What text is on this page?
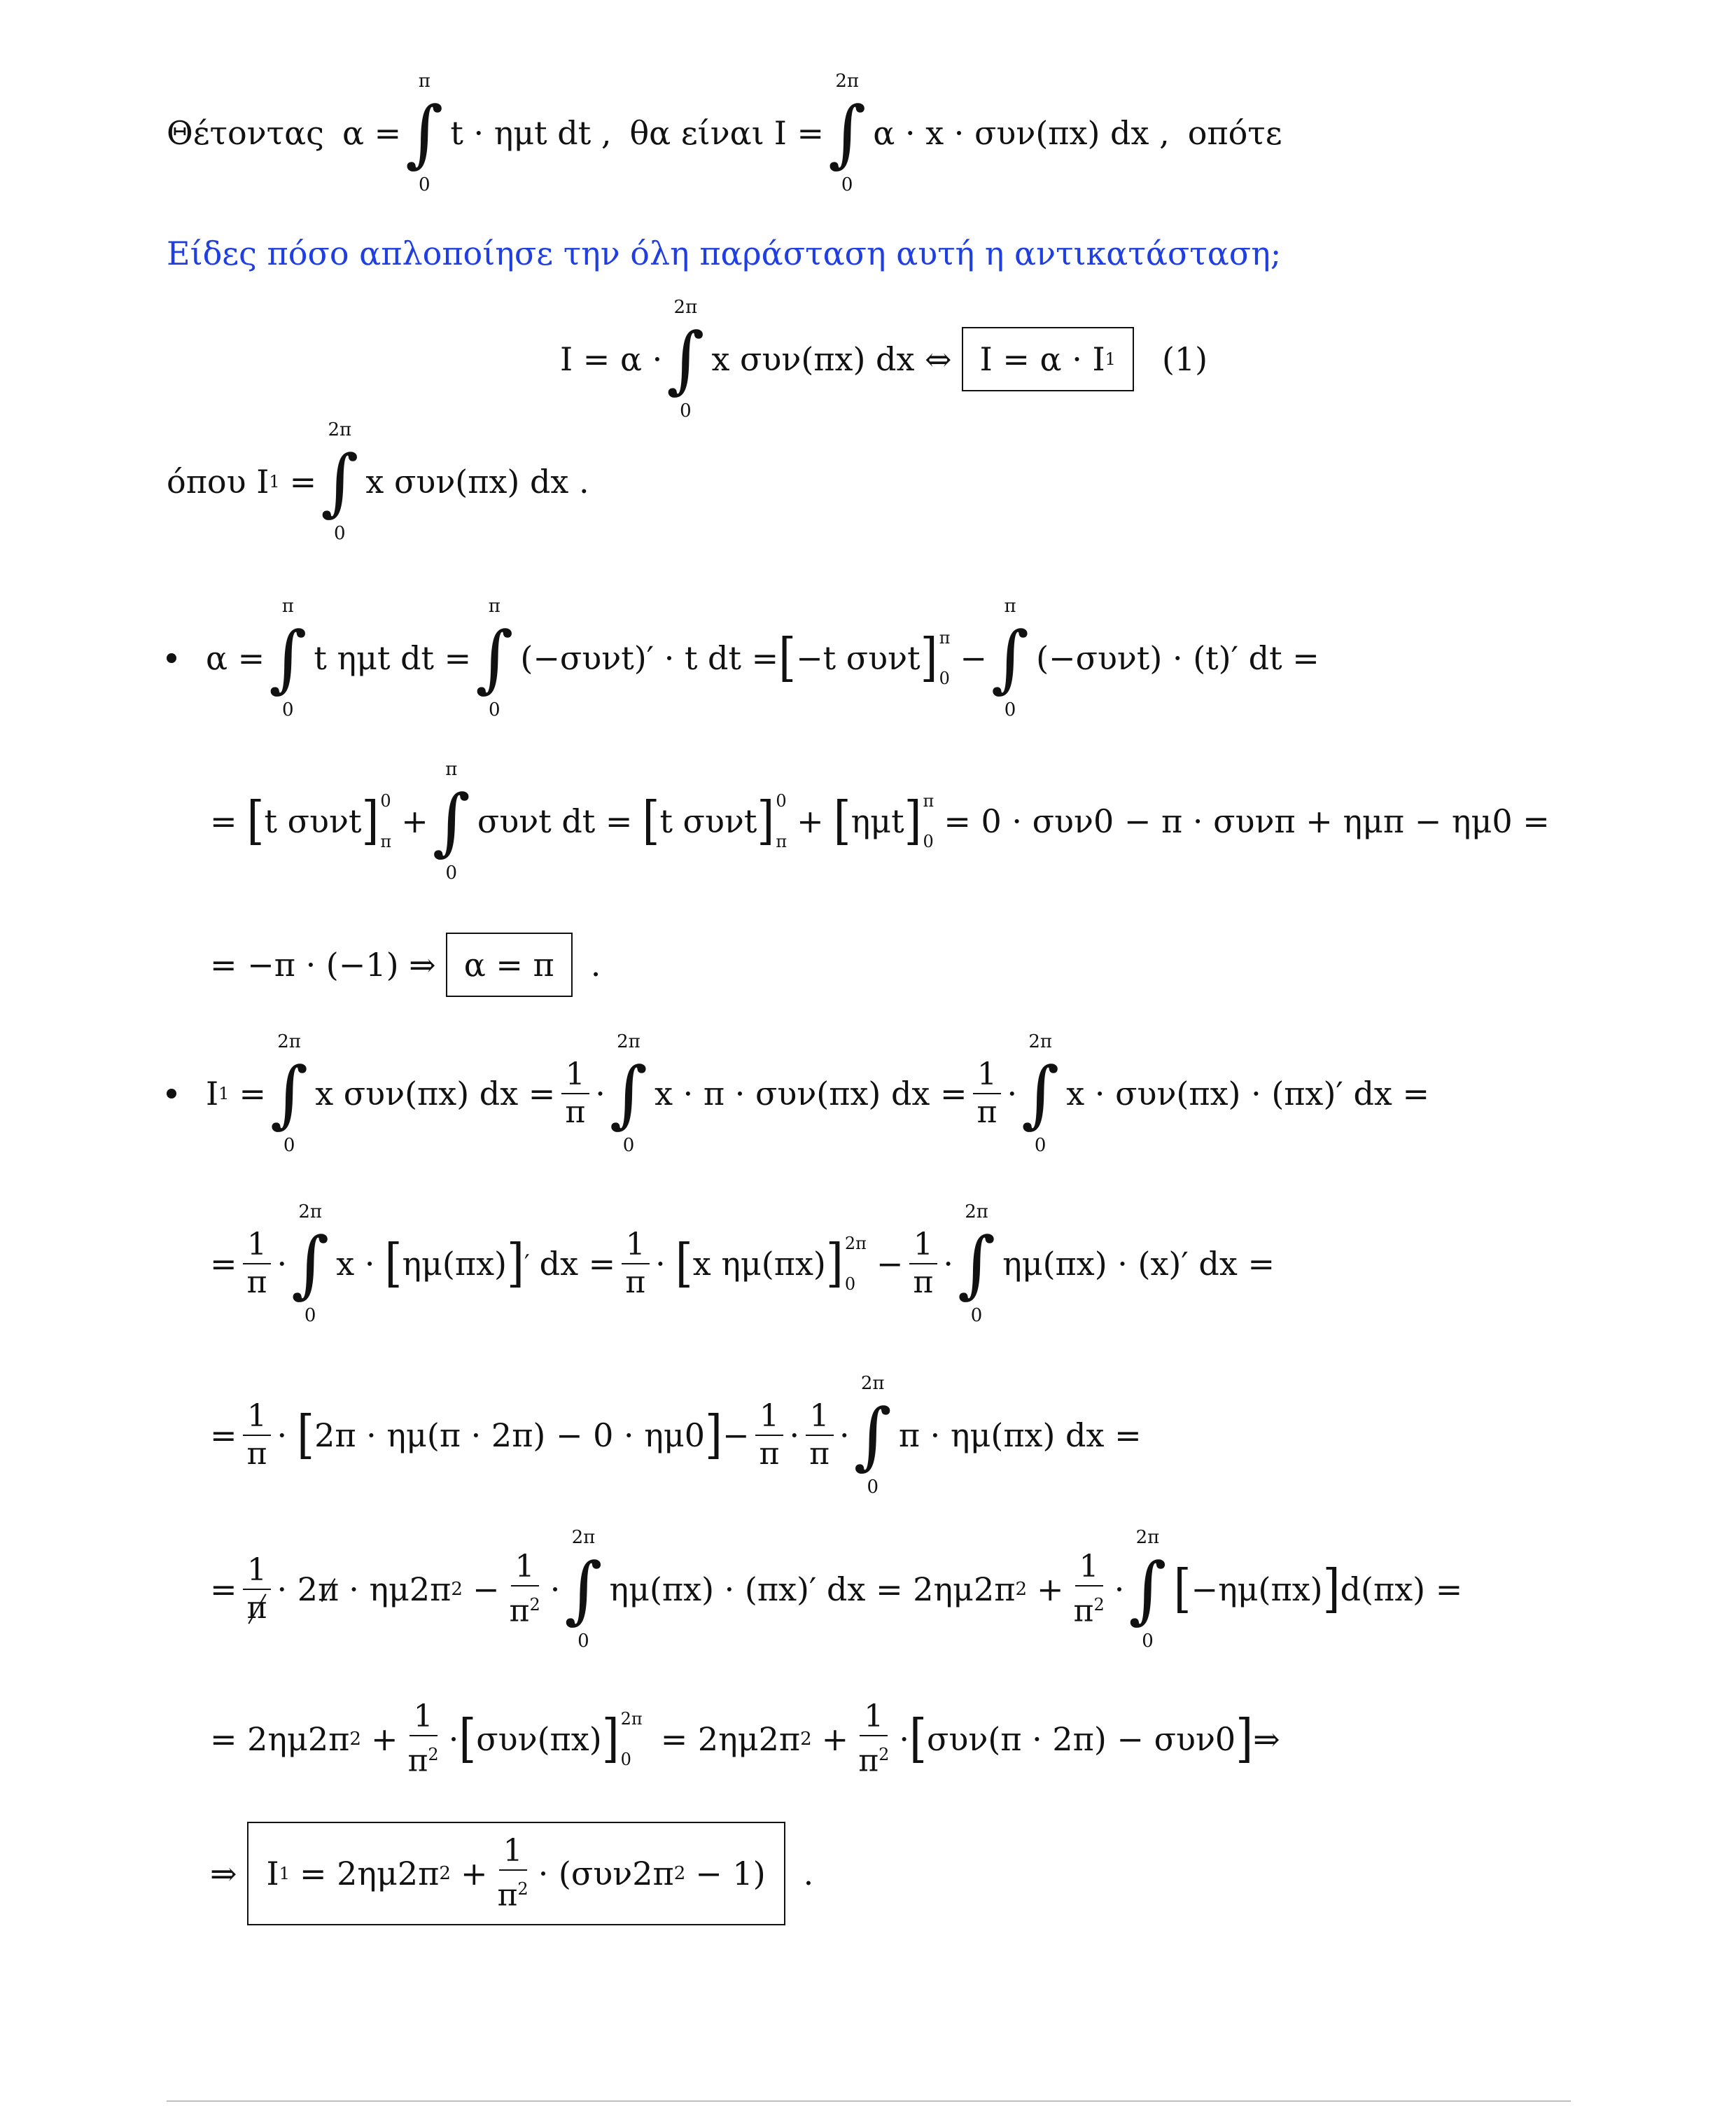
Θέτοντας α =
π
∫
0
t · ημt dt , θα είναι I =
2π
∫
0
α · x · συν(πx) dx , οπότε
Είδες πόσο απλοποίησε την όλη παράσταση αυτή η αντικατάσταση;
I = α ·
2π
∫
0
x συν(πx) dx ⇔ I = α · I 1 (1)
όπου I 1 =
2π
∫
0
x συν(πx) dx .
α =
π
∫
0
t ημt dt =
π
∫
0
(−συνt)′ · t dt = [ −t συνt ] π
0
−
π
∫
0
(−συνt) · (t)′ dt =
= [ t συνt ] 0
π
+
π
∫
0
συνt dt = [ t συνt ] 0
π
+ [ ημt ] π
0
= 0 · συν0 − π · συνπ + ημπ − ημ0 =
= −π · (−1) ⇒ α = π .
I 1 =
2π
∫
0
x συν(πx) dx = $\frac{1}{\pi}$ ·
2π
∫
0
x · π · συν(πx) dx = $\frac{1}{\pi}$ ·
2π
∫
0
x · συν(πx) · (πx)′ dx =
= $\frac{1}{\pi}$ ·
2π
∫
0
x · [ ημ(πx) ] ′ dx = $\frac{1}{\pi}$ · [ x ημ(πx) ] 2π
0
− $\frac{1}{\pi}$ ·
2π
∫
0
ημ(πx) · (x)′ dx =
= $\frac{1}{\pi}$ · [ 2π · ημ(π · 2π) − 0 · ημ0 ] − $\frac{1}{\pi} \cdot \frac{1}{\pi}$ ·
2π
∫
0
π · ημ(πx) dx =
= $\frac{1}{\pi} \cdot 2$ π · ημ2π $2 - \frac{1}{\pi^2}$ ·
2π
∫
0
ημ(πx) · (πx)′ dx = 2ημ2π $2 + \frac{1}{\pi^2}$ ·
2π
∫
0
[ −ημ(πx) ] d(πx) =
= 2ημ2π $2 + \frac{1}{\pi^2}$ · [ συν(πx) ] 2π
0
= 2ημ2π $2 + \frac{1}{\pi^2}$ · [ συν(π · 2π) − συν0 ] ⇒
⇒ I 1 = 2ημ2π $2 + \frac{1}{\pi^2} \cdot (\sigma\upsilon\nu 2\pi$ 2 − 1) .
